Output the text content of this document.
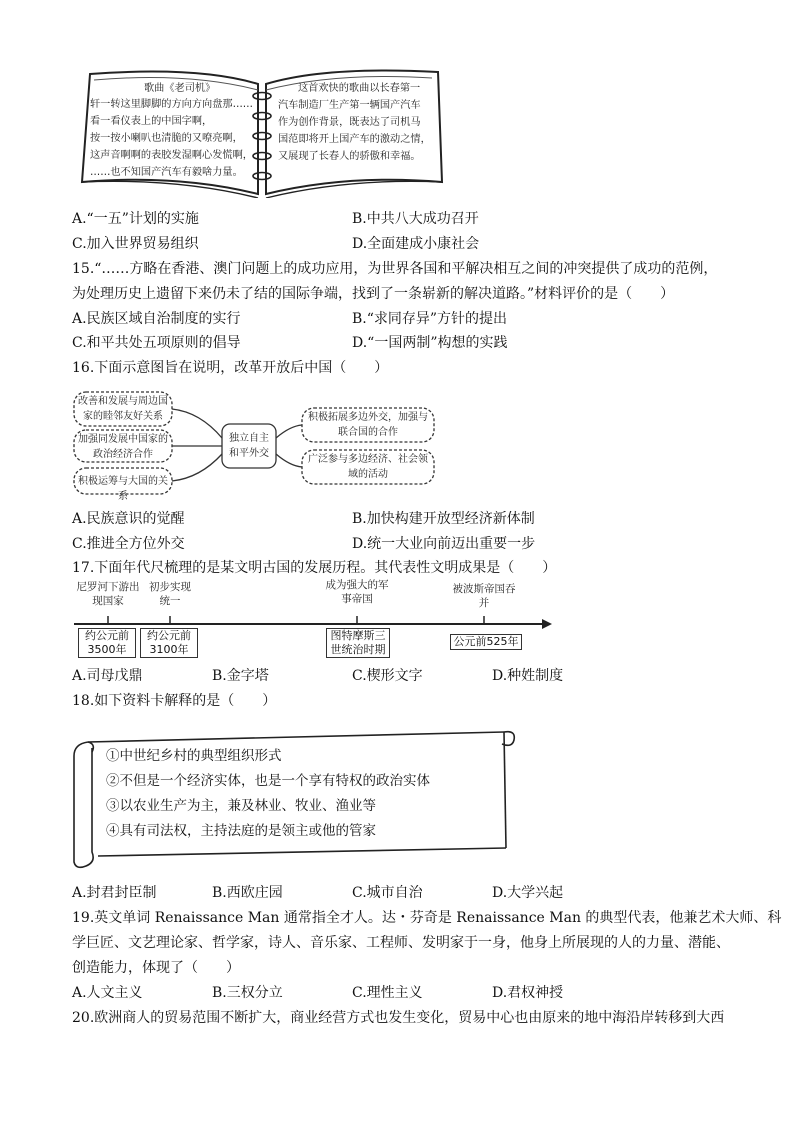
歌曲《老司机》
轩一转这里脚脚的方向方向盘那……
看一看仪表上的中国字啊，
按一按小喇叭也清脆的又嘹亮啊，
这声音啊啊的表胶发湿啊心发慌啊，
……也不知国产汽车有毅啥力量。
这首欢快的歌曲以长春第一
汽车制造厂生产第一辆国产汽车
作为创作背景，既表达了司机马
国范即将开上国产车的激动之情，
又展现了长春人的骄傲和幸福。
A.“一五”计划的实施	B.中共八大成功召开
C.加入世界贸易组织	D.全面建成小康社会
15.“……方略在香港、澳门问题上的成功应用，为世界各国和平解决相互之间的冲突提供了成功的范例，
为处理历史上遗留下来仍未了结的国际争端，找到了一条崭新的解决道路。”材料评价的是（　　）
A.民族区域自治制度的实行	B.“求同存异”方针的提出
C.和平共处五项原则的倡导	D.“一国两制”构想的实践
16.下面示意图旨在说明，改革开放后中国（　　）
改善和发展与周边国家的睦邻友好关系
加强同发展中国家的政治经济合作
积极运筹与大国的关系
独立自主和平外交
积极拓展多边外交，加强与联合国的合作
广泛参与多边经济、社会领域的活动
A.民族意识的觉醒	B.加快构建开放型经济新体制
C.推进全方位外交	D.统一大业向前迈出重要一步
17.下面年代尺梳理的是某文明古国的发展历程。其代表性文明成果是（　　）
尼罗河下游出现国家
初步实现统一
成为强大的军事帝国
被波斯帝国吞并
约公元前3500年
约公元前3100年
图特摩斯三世统治时期
公元前525年
A.司母戊鼎	B.金字塔	C.楔形文字	D.种姓制度
18.如下资料卡解释的是（　　）
①中世纪乡村的典型组织形式
②不但是一个经济实体，也是一个享有特权的政治实体
③以农业生产为主，兼及林业、牧业、渔业等
④具有司法权，主持法庭的是领主或他的管家
A.封君封臣制	B.西欧庄园	C.城市自治	D.大学兴起
19.英文单词 Renaissance Man 通常指全才人。达・芬奇是 Renaissance Man 的典型代表，他兼艺术大师、科
学巨匠、文艺理论家、哲学家，诗人、音乐家、工程师、发明家于一身，他身上所展现的人的力量、潜能、
创造能力，体现了（　　）
A.人文主义	B.三权分立	C.理性主义	D.君权神授
20.欧洲商人的贸易范围不断扩大，商业经营方式也发生变化，贸易中心也由原来的地中海沿岸转移到大西
